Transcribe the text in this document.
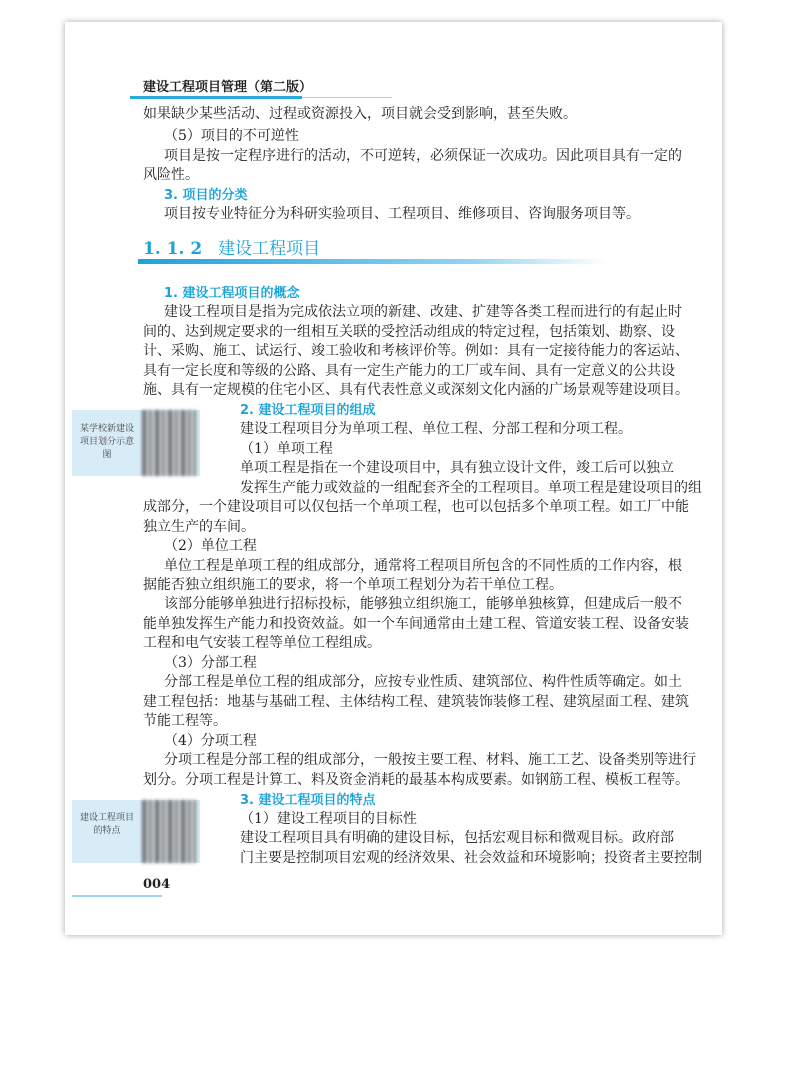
建设工程项目管理（第二版）
如果缺少某些活动、过程或资源投入，项目就会受到影响，甚至失败。
（5）项目的不可逆性
项目是按一定程序进行的活动，不可逆转，必须保证一次成功。因此项目具有一定的
风险性。
3. 项目的分类
项目按专业特征分为科研实验项目、工程项目、维修项目、咨询服务项目等。
1. 1. 2 建设工程项目
1. 建设工程项目的概念
建设工程项目是指为完成依法立项的新建、改建、扩建等各类工程而进行的有起止时
间的、达到规定要求的一组相互关联的受控活动组成的特定过程，包括策划、勘察、设
计、采购、施工、试运行、竣工验收和考核评价等。例如：具有一定接待能力的客运站、
具有一定长度和等级的公路、具有一定生产能力的工厂或车间、具有一定意义的公共设
施、具有一定规模的住宅小区、具有代表性意义或深刻文化内涵的广场景观等建设项目。
某学校新建设项目划分示意图
2. 建设工程项目的组成
建设工程项目分为单项工程、单位工程、分部工程和分项工程。
（1）单项工程
单项工程是指在一个建设项目中，具有独立设计文件，竣工后可以独立
发挥生产能力或效益的一组配套齐全的工程项目。单项工程是建设项目的组
成部分，一个建设项目可以仅包括一个单项工程，也可以包括多个单项工程。如工厂中能
独立生产的车间。
（2）单位工程
单位工程是单项工程的组成部分，通常将工程项目所包含的不同性质的工作内容，根
据能否独立组织施工的要求，将一个单项工程划分为若干单位工程。
该部分能够单独进行招标投标，能够独立组织施工，能够单独核算，但建成后一般不
能单独发挥生产能力和投资效益。如一个车间通常由土建工程、管道安装工程、设备安装
工程和电气安装工程等单位工程组成。
（3）分部工程
分部工程是单位工程的组成部分，应按专业性质、建筑部位、构件性质等确定。如土
建工程包括：地基与基础工程、主体结构工程、建筑装饰装修工程、建筑屋面工程、建筑
节能工程等。
（4）分项工程
分项工程是分部工程的组成部分，一般按主要工程、材料、施工工艺、设备类别等进行
划分。分项工程是计算工、料及资金消耗的最基本构成要素。如钢筋工程、模板工程等。
建设工程项目的特点
3. 建设工程项目的特点
（1）建设工程项目的目标性
建设工程项目具有明确的建设目标，包括宏观目标和微观目标。政府部
门主要是控制项目宏观的经济效果、社会效益和环境影响；投资者主要控制
004
